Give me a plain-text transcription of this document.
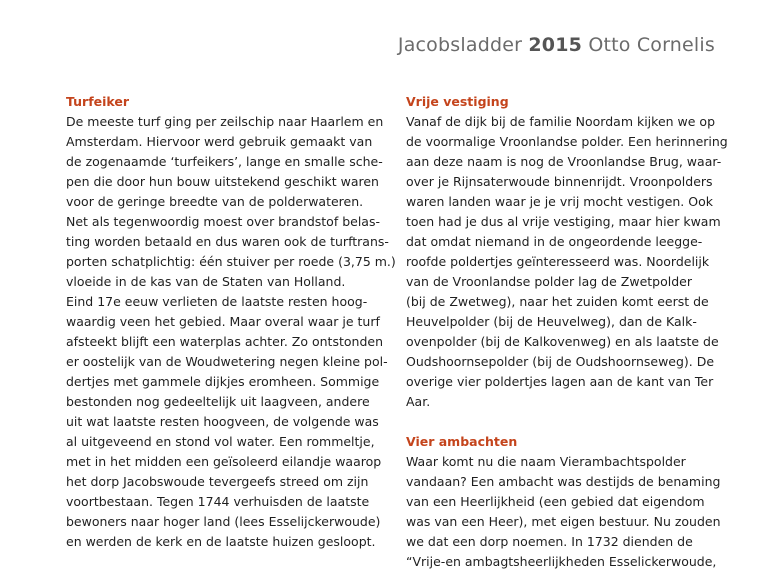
Jacobsladder 2015 Otto Cornelis
Turfeiker
De meeste turf ging per zeilschip naar Haarlem en
Amsterdam. Hiervoor werd gebruik gemaakt van
de zogenaamde ‘turfeikers’, lange en smalle sche-
pen die door hun bouw uitstekend geschikt waren
voor de geringe breedte van de polderwateren.
Net als tegenwoordig moest over brandstof belas-
ting worden betaald en dus waren ook de turftrans-
porten schatplichtig: één stuiver per roede (3,75 m.)
vloeide in de kas van de Staten van Holland.
Eind 17e eeuw verlieten de laatste resten hoog-
waardig veen het gebied. Maar overal waar je turf
afsteekt blijft een waterplas achter. Zo ontstonden
er oostelijk van de Woudwetering negen kleine pol-
dertjes met gammele dijkjes eromheen. Sommige
bestonden nog gedeeltelijk uit laagveen, andere
uit wat laatste resten hoogveen, de volgende was
al uitgeveend en stond vol water. Een rommeltje,
met in het midden een geïsoleerd eilandje waarop
het dorp Jacobswoude tevergeefs streed om zijn
voortbestaan. Tegen 1744 verhuisden de laatste
bewoners naar hoger land (lees Esselijckerwoude)
en werden de kerk en de laatste huizen gesloopt.
Vrije vestiging
Vanaf de dijk bij de familie Noordam kijken we op
de voormalige Vroonlandse polder. Een herinnering
aan deze naam is nog de Vroonlandse Brug, waar-
over je Rijnsaterwoude binnenrijdt. Vroonpolders
waren landen waar je je vrij mocht vestigen. Ook
toen had je dus al vrije vestiging, maar hier kwam
dat omdat niemand in de ongeordende leegge-
roofde poldertjes geïnteresseerd was. Noordelijk
van de Vroonlandse polder lag de Zwetpolder
(bij de Zwetweg), naar het zuiden komt eerst de
Heuvelpolder (bij de Heuvelweg), dan de Kalk-
ovenpolder (bij de Kalkovenweg) en als laatste de
Oudshoornsepolder (bij de Oudshoornseweg). De
overige vier poldertjes lagen aan de kant van Ter
Aar.
Vier ambachten
Waar komt nu die naam Vierambachtspolder
vandaan? Een ambacht was destijds de benaming
van een Heerlijkheid (een gebied dat eigendom
was van een Heer), met eigen bestuur. Nu zouden
we dat een dorp noemen. In 1732 dienden de
“Vrije-en ambagtsheerlijkheden Esselickerwoude,
